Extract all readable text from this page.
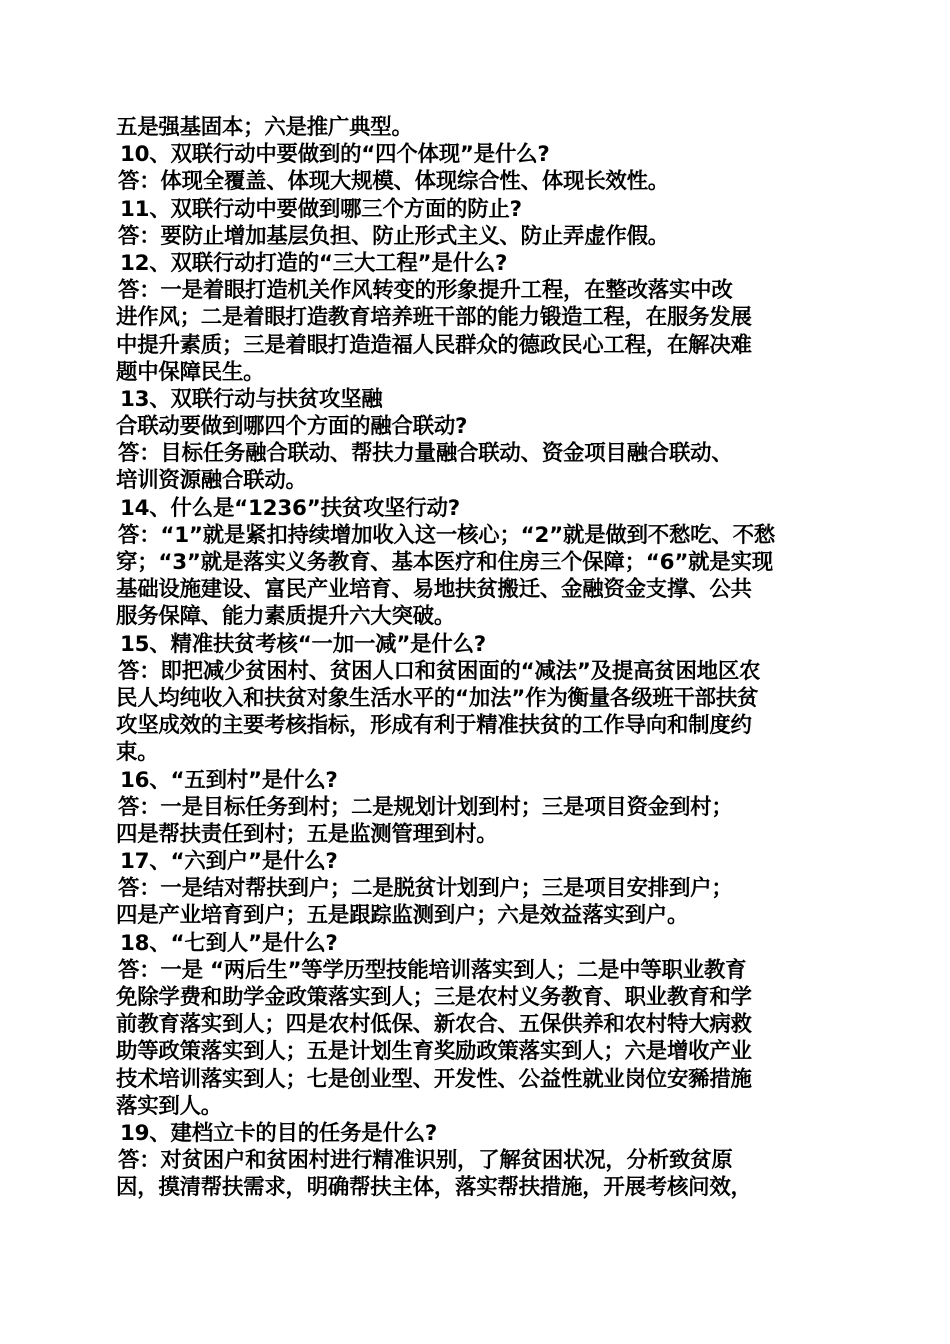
五是强基固本；六是推广典型。
10、双联行动中要做到的“四个体现”是什么?
答：体现全覆盖、体现大规模、体现综合性、体现长效性。
11、双联行动中要做到哪三个方面的防止?
答：要防止增加基层负担、防止形式主义、防止弄虚作假。
12、双联行动打造的“三大工程”是什么?
答：一是着眼打造机关作风转变的形象提升工程，在整改落实中改
进作风；二是着眼打造教育培养班干部的能力锻造工程，在服务发展
中提升素质；三是着眼打造造福人民群众的德政民心工程，在解决难
题中保障民生。
13、双联行动与扶贫攻坚融
合联动要做到哪四个方面的融合联动?
答：目标任务融合联动、帮扶力量融合联动、资金项目融合联动、
培训资源融合联动。
14、什么是“1236”扶贫攻坚行动?
答：“1”就是紧扣持续增加收入这一核心；“2”就是做到不愁吃、不愁
穿；“3”就是落实义务教育、基本医疗和住房三个保障；“6”就是实现
基础设施建设、富民产业培育、易地扶贫搬迁、金融资金支撑、公共
服务保障、能力素质提升六大突破。
15、精准扶贫考核“一加一减”是什么?
答：即把减少贫困村、贫困人口和贫困面的“减法”及提高贫困地区农
民人均纯收入和扶贫对象生活水平的“加法”作为衡量各级班干部扶贫
攻坚成效的主要考核指标，形成有利于精准扶贫的工作导向和制度约
束。
16、“五到村”是什么?
答：一是目标任务到村；二是规划计划到村；三是项目资金到村；
四是帮扶责任到村；五是监测管理到村。
17、“六到户”是什么?
答：一是结对帮扶到户；二是脱贫计划到户；三是项目安排到户；
四是产业培育到户；五是跟踪监测到户；六是效益落实到户。
18、“七到人”是什么?
答：一是 “两后生”等学历型技能培训落实到人；二是中等职业教育
免除学费和助学金政策落实到人；三是农村义务教育、职业教育和学
前教育落实到人；四是农村低保、新农合、五保供养和农村特大病救
助等政策落实到人；五是计划生育奖励政策落实到人；六是增收产业
技术培训落实到人；七是创业型、开发性、公益性就业岗位安豨措施
落实到人。
19、建档立卡的目的任务是什么?
答：对贫困户和贫困村进行精准识别，了解贫困状况，分析致贫原
因，摸清帮扶需求，明确帮扶主体，落实帮扶措施，开展考核问效，
